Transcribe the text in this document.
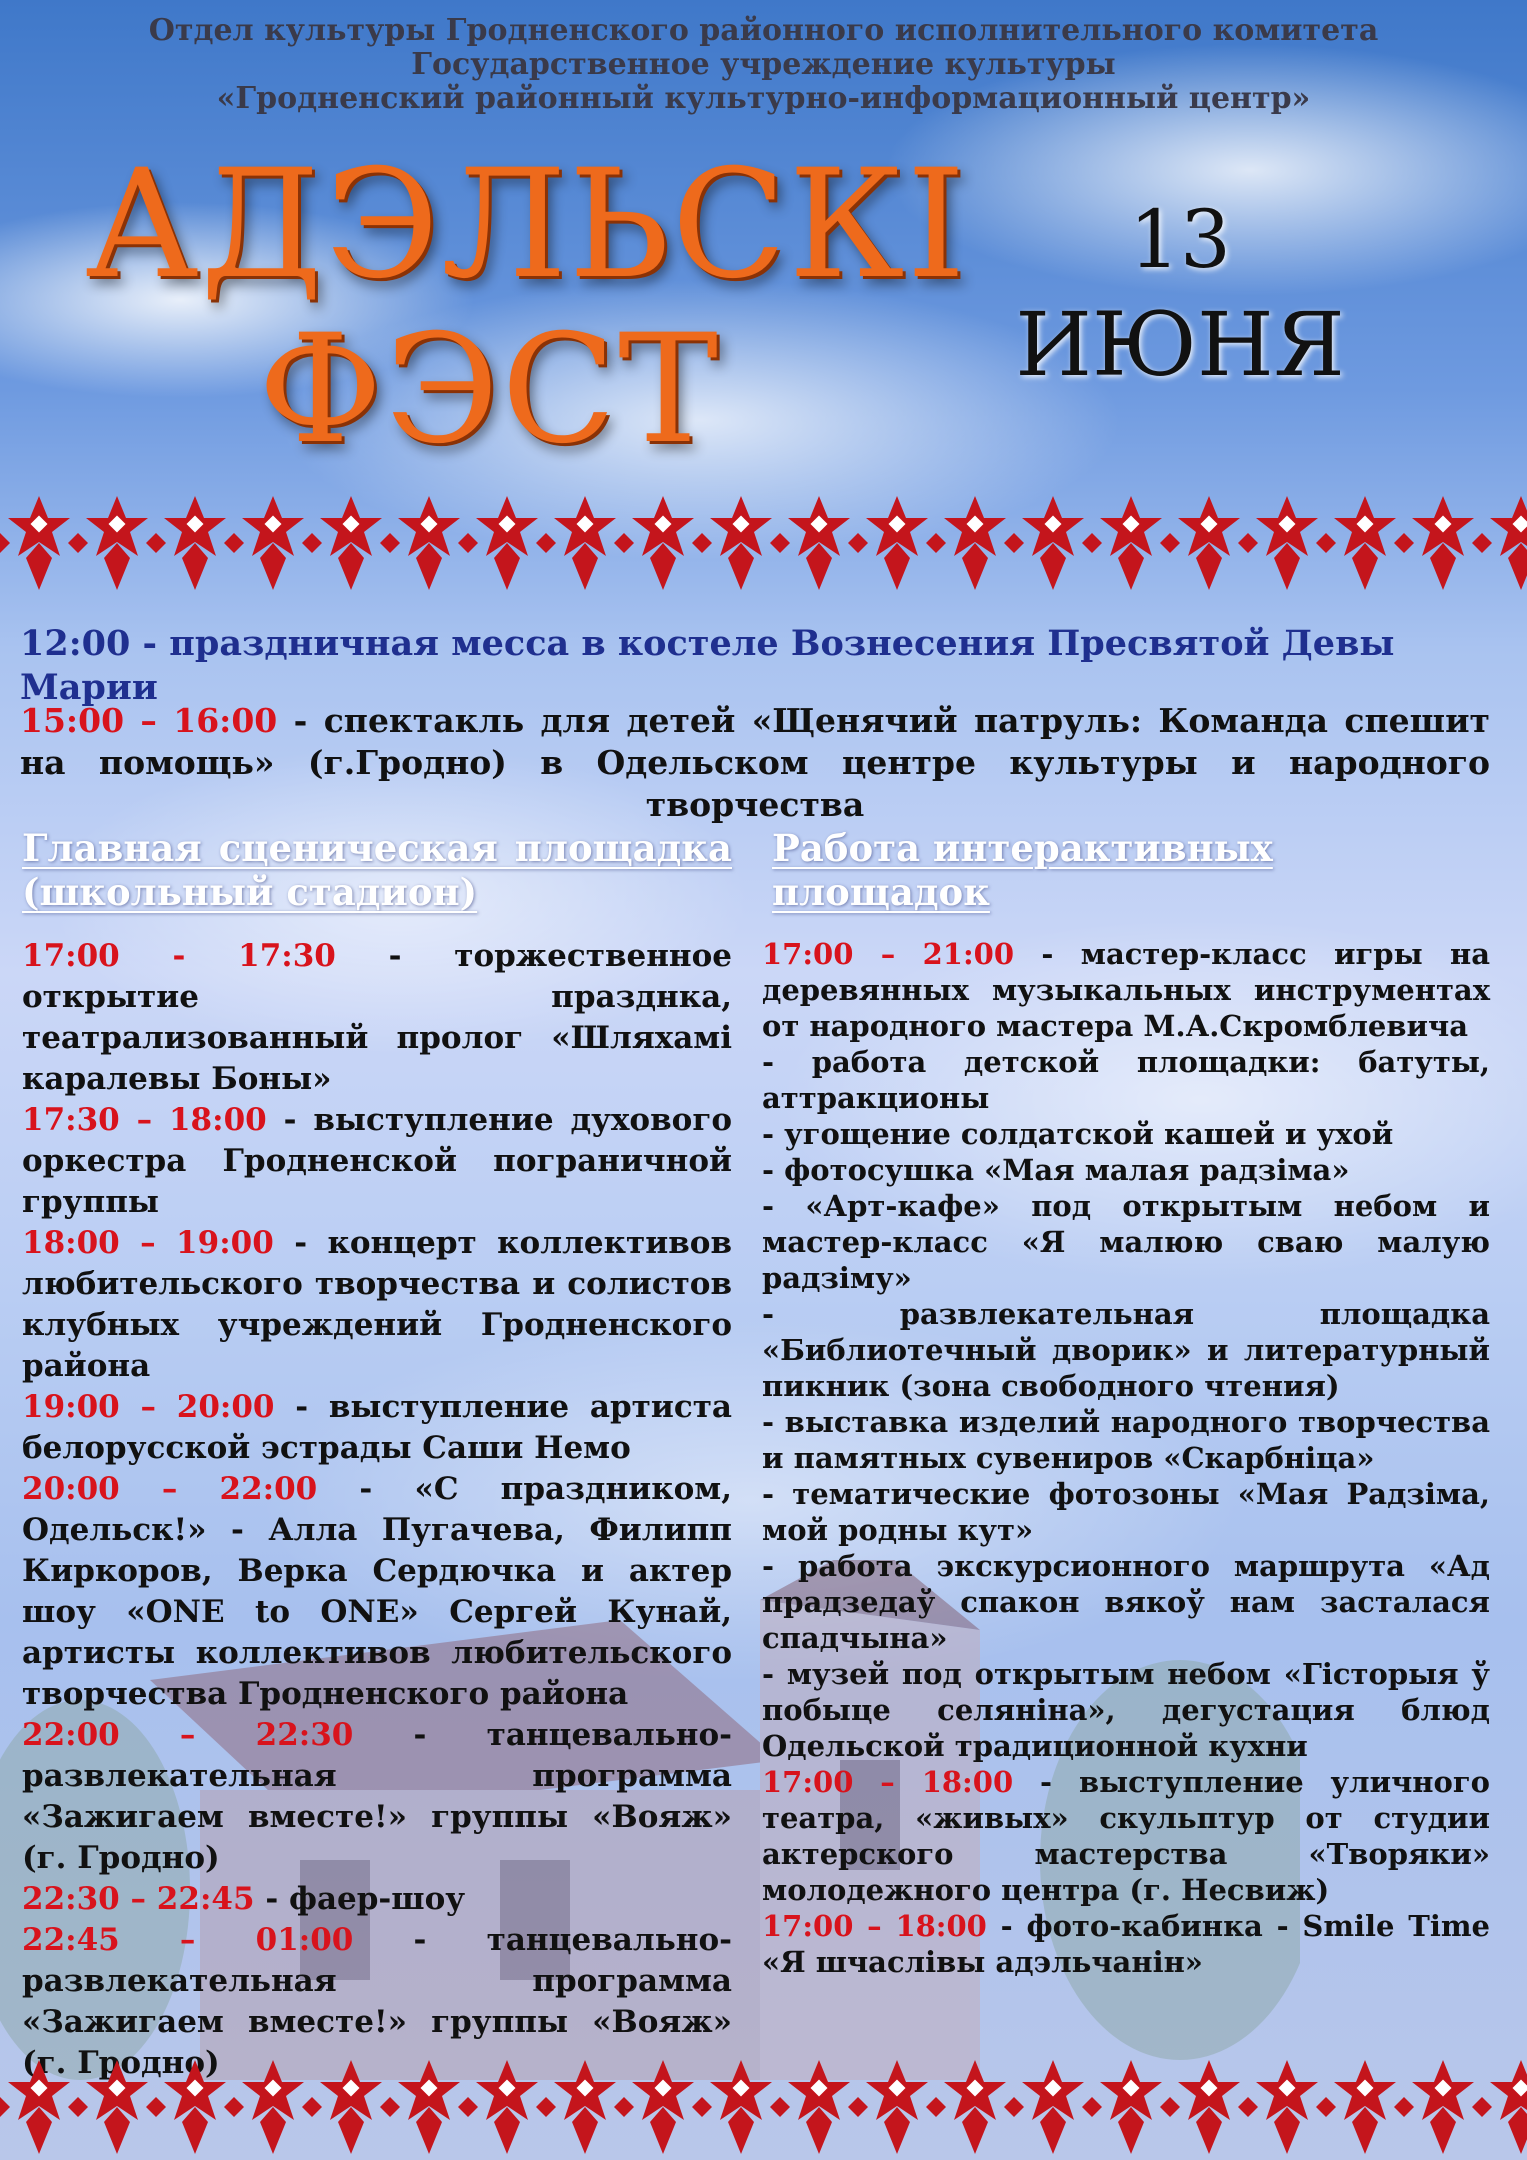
Отдел культуры Гродненского районного исполнительного комитета
Государственное учреждение культуры
«Гродненский районный культурно-информационный центр»
АДЭЛЬСКІ
ФЭСТ
13
ИЮНЯ
12:00 - праздничная месса в костеле Вознесения Пресвятой Девы Марии
15:00 – 16:00 - спектакль для детей «Щенячий патруль: Команда спешит на помощь» (г.Гродно) в Одельском центре культуры и народного творчества
Главная сценическая площадка (школьный стадион)
Работа интерактивных площадок

17:00 - 17:30 - торжественное открытие празднка, театрализованный пролог «Шляхамі каралевы Боны»

17:30 – 18:00 - выступление духового оркестра Гродненской пограничной группы

18:00 – 19:00 - концерт коллективов любительского творчества и солистов клубных учреждений Гродненского района

19:00 – 20:00 - выступление артиста белорусской эстрады Саши Немо

20:00 – 22:00 - «С праздником, Одельск!» - Алла Пугачева, Филипп Киркоров, Верка Сердючка и актер шоу «ONE to ONE» Сергей Кунай, артисты коллективов любительского творчества Гродненского района

22:00 – 22:30 - танцевально-развлекательная программа «Зажигаем вместе!» группы «Вояж» (г. Гродно)

22:30 – 22:45 - фаер-шоу

22:45 – 01:00 - танцевально-развлекательная программа «Зажигаем вместе!» группы «Вояж»

17:00 – 21:00 - мастер-класс игры на деревянных музыкальных инструментах от народного мастера М.А.Скромблевича

- работа детской площадки: батуты, аттракционы

- угощение солдатской кашей и ухой

- фотосушка «Мая малая радзіма»

- «Арт-кафе» под открытым небом и мастер-класс «Я малюю сваю малую радзіму»

- развлекательная площадка «Библиотечный дворик» и литературный пикник (зона свободного чтения)

- выставка изделий народного творчества и памятных сувениров «Скарбніца»

- тематические фотозоны «Мая Радзіма, мой родны кут»

- работа экскурсионного маршрута «Ад прадзедаў спакон вякоў нам засталася спадчына»

- музей под открытым небом «Гісторыя ў побыце селяніна», дегустация блюд Одельской традиционной кухни

17:00 – 18:00 - выступление уличного театра, «живых» скульптур от студии актерского мастерства «Творяки» молодежного центра (г. Несвиж)

17:00 – 18:00 - фото-кабинка - Smile Time «Я шчаслівы адэльчанін»
